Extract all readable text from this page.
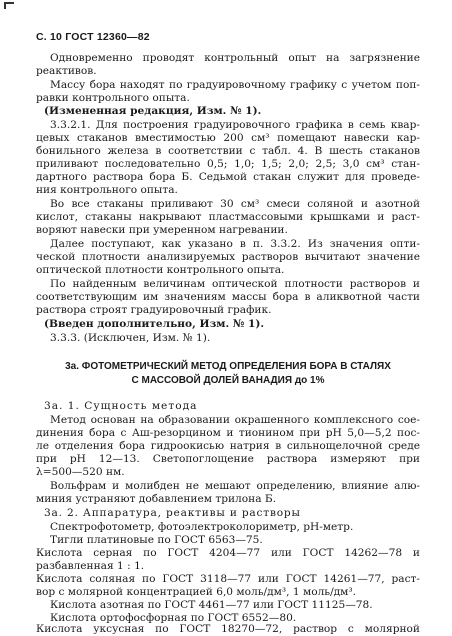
С. 10 ГОСТ 12360—82
Одновременно проводят контрольный опыт на загрязнение
реактивов.
Массу бора находят по градуировочному графику с учетом поп-
равки контрольного опыта.
(Измененная редакция, Изм. № 1).
3.3.2.1. Для построения градуировочного графика в семь квар-
цевых стаканов вместимостью 200 см³ помещают навески кар-
бонильного железа в соответствии с табл. 4. В шесть стаканов
приливают последовательно 0,5; 1,0; 1,5; 2,0; 2,5; 3,0 см³ стан-
дартного раствора бора Б. Седьмой стакан служит для проведе-
ния контрольного опыта.
Во все стаканы приливают 30 см³ смеси соляной и азотной
кислот, стаканы накрывают пластмассовыми крышками и раст-
воряют навески при умеренном нагревании.
Далее поступают, как указано в п. 3.3.2. Из значения опти-
ческой плотности анализируемых растворов вычитают значение
оптической плотности контрольного опыта.
По найденным величинам оптической плотности растворов и
соответствующим им значениям массы бора в аликвотной части
раствора строят градуировочный график.
(Введен дополнительно, Изм. № 1).
3.3.3. (Исключен, Изм. № 1).
3а. ФОТОМЕТРИЧЕСКИЙ МЕТОД ОПРЕДЕЛЕНИЯ БОРА В СТАЛЯХ
С МАССОВОЙ ДОЛЕЙ ВАНАДИЯ до 1%
3а. 1. Сущность метода
Метод основан на образовании окрашенного комплексного сое-
динения бора с Аш-резорцином и тионином при рН 5,0—5,2 пос-
ле отделения бора гидроокисью натрия в сильнощелочной среде
при рН 12—13. Светопоглощение раствора измеряют при
λ=500—520 нм.
Вольфрам и молибден не мешают определению, влияние алю-
миния устраняют добавлением трилона Б.
3а. 2. Аппаратура, реактивы и растворы
Спектрофотометр, фотоэлектроколориметр, рН-метр.
Тигли платиновые по ГОСТ 6563—75.
Кислота серная по ГОСТ 4204—77 или ГОСТ 14262—78 и
разбавленная 1 : 1.
Кислота соляная по ГОСТ 3118—77 или ГОСТ 14261—77, раст-
вор с молярной концентрацией 6,0 моль/дм³, 1 моль/дм³.
Кислота азотная по ГОСТ 4461—77 или ГОСТ 11125—78.
Кислота ортофосфорная по ГОСТ 6552—80.
Кислота уксусная по ГОСТ 18270—72, раствор с молярной
